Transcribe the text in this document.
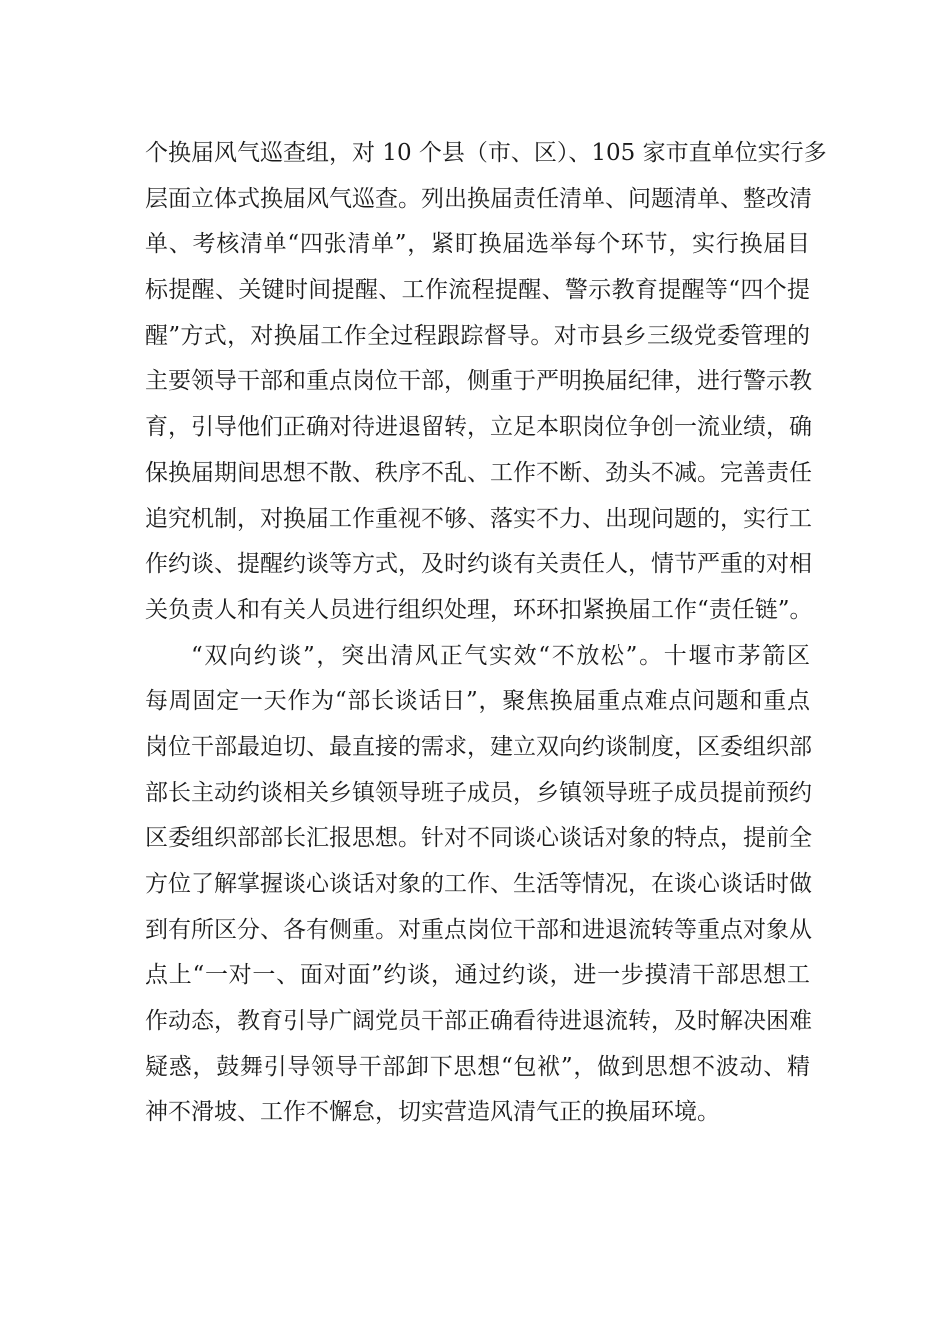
个换届风气巡查组，对 10 个县（市、区）、105 家市直单位实行多
层面立体式换届风气巡查。列出换届责任清单、问题清单、整改清
单、考核清单“四张清单”，紧盯换届选举每个环节，实行换届目
标提醒、关键时间提醒、工作流程提醒、警示教育提醒等“四个提
醒”方式，对换届工作全过程跟踪督导。对市县乡三级党委管理的
主要领导干部和重点岗位干部，侧重于严明换届纪律，进行警示教
育，引导他们正确对待进退留转，立足本职岗位争创一流业绩，确
保换届期间思想不散、秩序不乱、工作不断、劲头不减。完善责任
追究机制，对换届工作重视不够、落实不力、出现问题的，实行工
作约谈、提醒约谈等方式，及时约谈有关责任人，情节严重的对相
关负责人和有关人员进行组织处理，环环扣紧换届工作“责任链”。
“双向约谈”，突出清风正气实效“不放松”。十堰市茅箭区
每周固定一天作为“部长谈话日”，聚焦换届重点难点问题和重点
岗位干部最迫切、最直接的需求，建立双向约谈制度，区委组织部
部长主动约谈相关乡镇领导班子成员，乡镇领导班子成员提前预约
区委组织部部长汇报思想。针对不同谈心谈话对象的特点，提前全
方位了解掌握谈心谈话对象的工作、生活等情况，在谈心谈话时做
到有所区分、各有侧重。对重点岗位干部和进退流转等重点对象从
点上“一对一、面对面”约谈，通过约谈，进一步摸清干部思想工
作动态，教育引导广阔党员干部正确看待进退流转，及时解决困难
疑惑，鼓舞引导领导干部卸下思想“包袱”，做到思想不波动、精
神不滑坡、工作不懈怠，切实营造风清气正的换届环境。
